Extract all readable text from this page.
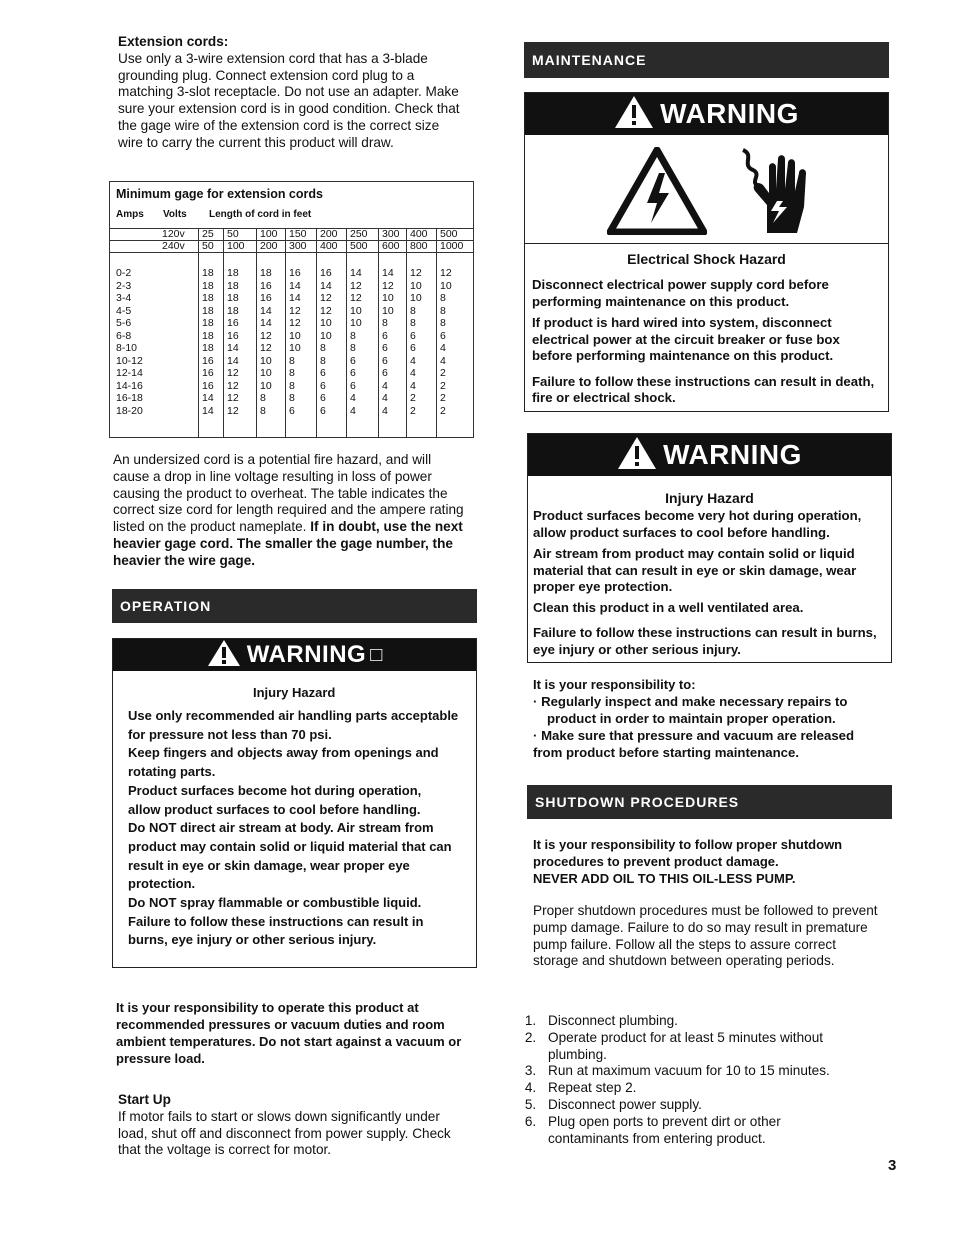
Extension cords:

Use only a 3-wire extension cord that has a 3-blade grounding plug. Connect extension cord plug to a matching 3-slot receptacle. Do not use an adapter. Make sure your extension cord is in good condition. Check that the gage wire of the extension cord is the correct size wire to carry the current this product will draw.

Minimum gage for extension cords
Amps Volts Length of cord in feet
120v 25 50 100 150 200 250 300 400 500
240v 50 100 200 300 400 500 600 800 1000
0-2	18 18 18 16 16 14 14 12 12
2-3	18 18 16 14 14 12 12 10 10
3-4	18 18 16 14 12 12 10 10 8
4-5	18 18 14 12 12 10 10 8 8
5-6	18 16 14 12 10 10 8 8 8
6-8	18 16 12 10 10 8 6 6 6
8-10	18 14 12 10 8 8 6 6 4
10-12	16 14 10 8 8 6 6 4 4
12-14	16 12 10 8 6 6 6 4 2
14-16	16 12 10 8 6 6 4 4 2
16-18	14 12 8 8 6 4 4 2 2
18-20	14 12 8 6 6 4 4 2 2

An undersized cord is a potential fire hazard, and will cause a drop in line voltage resulting in loss of power causing the product to overheat. The table indicates the correct size cord for length required and the ampere rating listed on the product nameplate. If in doubt, use the next heavier gage cord. The smaller the gage number, the heavier the wire gage.

OPERATION
WARNING □
Injury Hazard
Use only recommended air handling parts acceptable
for pressure not less than 70 psi.
Keep fingers and objects away from openings and
rotating parts.
Product surfaces become hot during operation,
allow product surfaces to cool before handling.
Do NOT direct air stream at body. Air stream from
product may contain solid or liquid material that can
result in eye or skin damage, wear proper eye
protection.
Do NOT spray flammable or combustible liquid.
Failure to follow these instructions can result in
burns, eye injury or other serious injury.

It is your responsibility to operate this product at recommended pressures or vacuum duties and room ambient temperatures. Do not start against a vacuum or pressure load.

Start Up

If motor fails to start or slows down significantly under load, shut off and disconnect from power supply. Check that the voltage is correct for motor.

MAINTENANCE
WARNING
Electrical Shock Hazard

Disconnect electrical power supply cord before performing maintenance on this product.

If product is hard wired into system, disconnect electrical power at the circuit breaker or fuse box before performing maintenance on this product.

Failure to follow these instructions can result in death, fire or electrical shock.

WARNING
Injury Hazard

Product surfaces become very hot during operation, allow product surfaces to cool before handling.

Air stream from product may contain solid or liquid material that can result in eye or skin damage, wear proper eye protection.

Clean this product in a well ventilated area.

Failure to follow these instructions can result in burns, eye injury or other serious injury.

It is your responsibility to:

· Regularly inspect and make necessary repairs to product in order to maintain proper operation.
· Make sure that pressure and vacuum are released from product before starting maintenance.
SHUTDOWN PROCEDURES

It is your responsibility to follow proper shutdown procedures to prevent product damage.

NEVER ADD OIL TO THIS OIL-LESS PUMP.

Proper shutdown procedures must be followed to prevent pump damage. Failure to do so may result in premature pump failure. Follow all the steps to assure correct storage and shutdown between operating periods.

1. Disconnect plumbing.
2. Operate product for at least 5 minutes without plumbing.
3. Run at maximum vacuum for 10 to 15 minutes.
4. Repeat step 2.
5. Disconnect power supply.
6. Plug open ports to prevent dirt or other contaminants from entering product.
3
